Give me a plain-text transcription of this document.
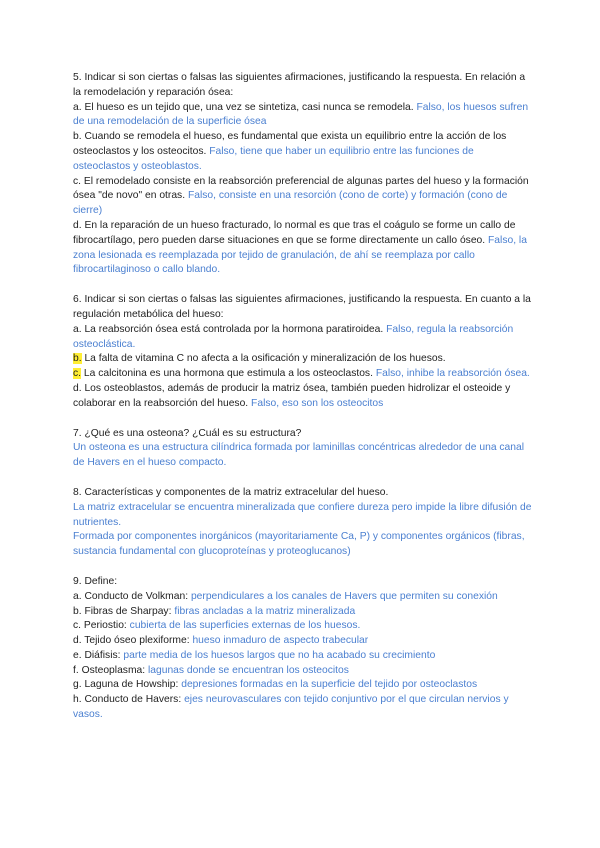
5. Indicar si son ciertas o falsas las siguientes afirmaciones, justificando la respuesta. En relación a la remodelación y reparación ósea:
a. El hueso es un tejido que, una vez se sintetiza, casi nunca se remodela. Falso, los huesos sufren de una remodelación de la superficie ósea
b. Cuando se remodela el hueso, es fundamental que exista un equilibrio entre la acción de los osteoclastos y los osteocitos. Falso, tiene que haber un equilibrio entre las funciones de osteoclastos y osteoblastos.
c. El remodelado consiste en la reabsorción preferencial de algunas partes del hueso y la formación ósea "de novo" en otras. Falso, consiste en una resorción (cono de corte) y formación (cono de cierre)
d. En la reparación de un hueso fracturado, lo normal es que tras el coágulo se forme un callo de fibrocartílago, pero pueden darse situaciones en que se forme directamente un callo óseo. Falso, la zona lesionada es reemplazada por tejido de granulación, de ahí se reemplaza por callo fibrocartilaginoso o callo blando.
6. Indicar si son ciertas o falsas las siguientes afirmaciones, justificando la respuesta. En cuanto a la regulación metabólica del hueso:
a. La reabsorción ósea está controlada por la hormona paratiroidea. Falso, regula la reabsorción osteoclástica.
b. La falta de vitamina C no afecta a la osificación y mineralización de los huesos.
c. La calcitonina es una hormona que estimula a los osteoclastos. Falso, inhibe la reabsorción ósea.
d. Los osteoblastos, además de producir la matriz ósea, también pueden hidrolizar el osteoide y colaborar en la reabsorción del hueso. Falso, eso son los osteocitos
7. ¿Qué es una osteona? ¿Cuál es su estructura?
Un osteona es una estructura cilíndrica formada por laminillas concéntricas alrededor de una canal de Havers en el hueso compacto.
8. Características y componentes de la matriz extracelular del hueso.
La matriz extracelular se encuentra mineralizada que confiere dureza pero impide la libre difusión de nutrientes.
Formada por componentes inorgánicos (mayoritariamente Ca, P) y componentes orgánicos (fibras, sustancia fundamental con glucoproteínas y proteoglucanos)
9. Define:
a. Conducto de Volkman: perpendiculares a los canales de Havers que permiten su conexión
b. Fibras de Sharpay: fibras ancladas a la matriz mineralizada
c. Periostio: cubierta de las superficies externas de los huesos.
d. Tejido óseo plexiforme: hueso inmaduro de aspecto trabecular
e. Diáfisis: parte media de los huesos largos que no ha acabado su crecimiento
f. Osteoplasma: lagunas donde se encuentran los osteocitos
g. Laguna de Howship: depresiones formadas en la superficie del tejido por osteoclastos
h. Conducto de Havers: ejes neurovasculares con tejido conjuntivo por el que circulan nervios y vasos.
